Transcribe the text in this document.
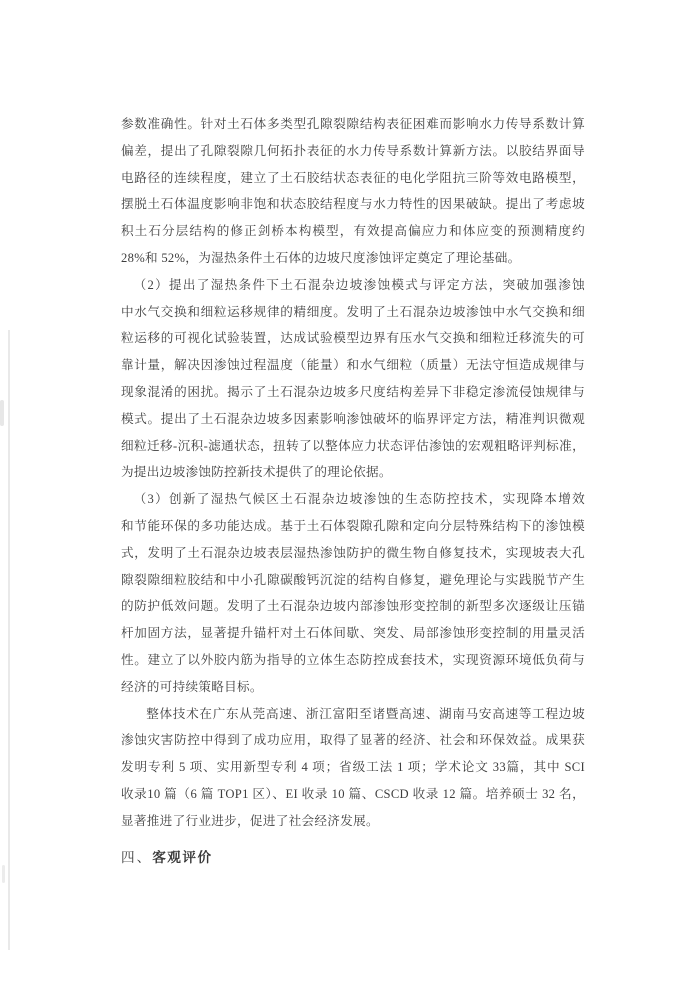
参数准确性。针对土石体多类型孔隙裂隙结构表征困难而影响水力传导系数计算
偏差，提出了孔隙裂隙几何拓扑表征的水力传导系数计算新方法。以胶结界面导
电路径的连续程度，建立了土石胶结状态表征的电化学阻抗三阶等效电路模型，
摆脱土石体温度影响非饱和状态胶结程度与水力特性的因果破缺。提出了考虑坡
积土石分层结构的修正剑桥本构模型，有效提高偏应力和体应变的预测精度约
28%和 52%，为湿热条件土石体的边坡尺度渗蚀评定奠定了理论基础。
（2）提出了湿热条件下土石混杂边坡渗蚀模式与评定方法，突破加强渗蚀
中水气交换和细粒运移规律的精细度。发明了土石混杂边坡渗蚀中水气交换和细
粒运移的可视化试验装置，达成试验模型边界有压水气交换和细粒迁移流失的可
靠计量，解决因渗蚀过程温度（能量）和水气细粒（质量）无法守恒造成规律与
现象混淆的困扰。揭示了土石混杂边坡多尺度结构差异下非稳定渗流侵蚀规律与
模式。提出了土石混杂边坡多因素影响渗蚀破坏的临界评定方法，精准判识微观
细粒迁移-沉积-滤通状态，扭转了以整体应力状态评估渗蚀的宏观粗略评判标准，
为提出边坡渗蚀防控新技术提供了的理论依据。
（3）创新了湿热气候区土石混杂边坡渗蚀的生态防控技术，实现降本增效
和节能环保的多功能达成。基于土石体裂隙孔隙和定向分层特殊结构下的渗蚀模
式，发明了土石混杂边坡表层湿热渗蚀防护的微生物自修复技术，实现坡表大孔
隙裂隙细粒胶结和中小孔隙碳酸钙沉淀的结构自修复，避免理论与实践脱节产生
的防护低效问题。发明了土石混杂边坡内部渗蚀形变控制的新型多次逐级让压锚
杆加固方法，显著提升锚杆对土石体间歇、突发、局部渗蚀形变控制的用量灵活
性。建立了以外胶内筋为指导的立体生态防控成套技术，实现资源环境低负荷与
经济的可持续策略目标。
整体技术在广东从莞高速、浙江富阳至诸暨高速、湖南马安高速等工程边坡
渗蚀灾害防控中得到了成功应用，取得了显著的经济、社会和环保效益。成果获
发明专利 5 项、实用新型专利 4 项；省级工法 1 项；学术论文 33篇，其中 SCI
收录10 篇（6 篇 TOP1 区）、EI 收录 10 篇、CSCD 收录 12 篇。培养硕士 32 名，
显著推进了行业进步，促进了社会经济发展。
四、客观评价
